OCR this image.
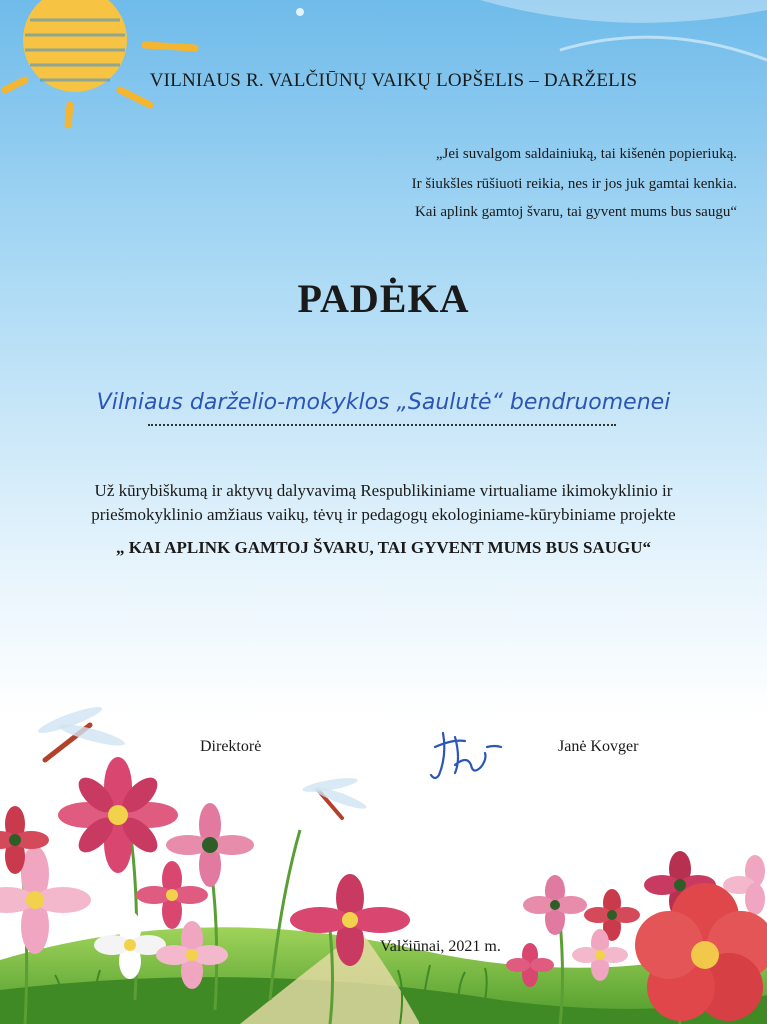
VILNIAUS R. VALČIŪNŲ VAIKŲ LOPŠELIS – DARŽELIS
„Jei suvalgom saldainiuką, tai kišenėn popieriuką.
Ir šiukšles rūšiuoti reikia, nes ir jos juk gamtai kenkia.
Kai aplink gamtoj švaru, tai gyvent mums bus saugu“
PADĖKA
Vilniaus darželio-mokyklos „Saulutė“ bendruomenei
Už kūrybiškumą ir aktyvų dalyvavimą Respublikiniame virtualiame ikimokyklinio ir
priešmokyklinio amžiaus vaikų, tėvų ir pedagogų ekologiniame-kūrybiniame projekte
„ KAI APLINK GAMTOJ ŠVARU, TAI GYVENT MUMS BUS SAUGU“
Direktorė	Janė Kovger
Valčiūnai, 2021 m.
